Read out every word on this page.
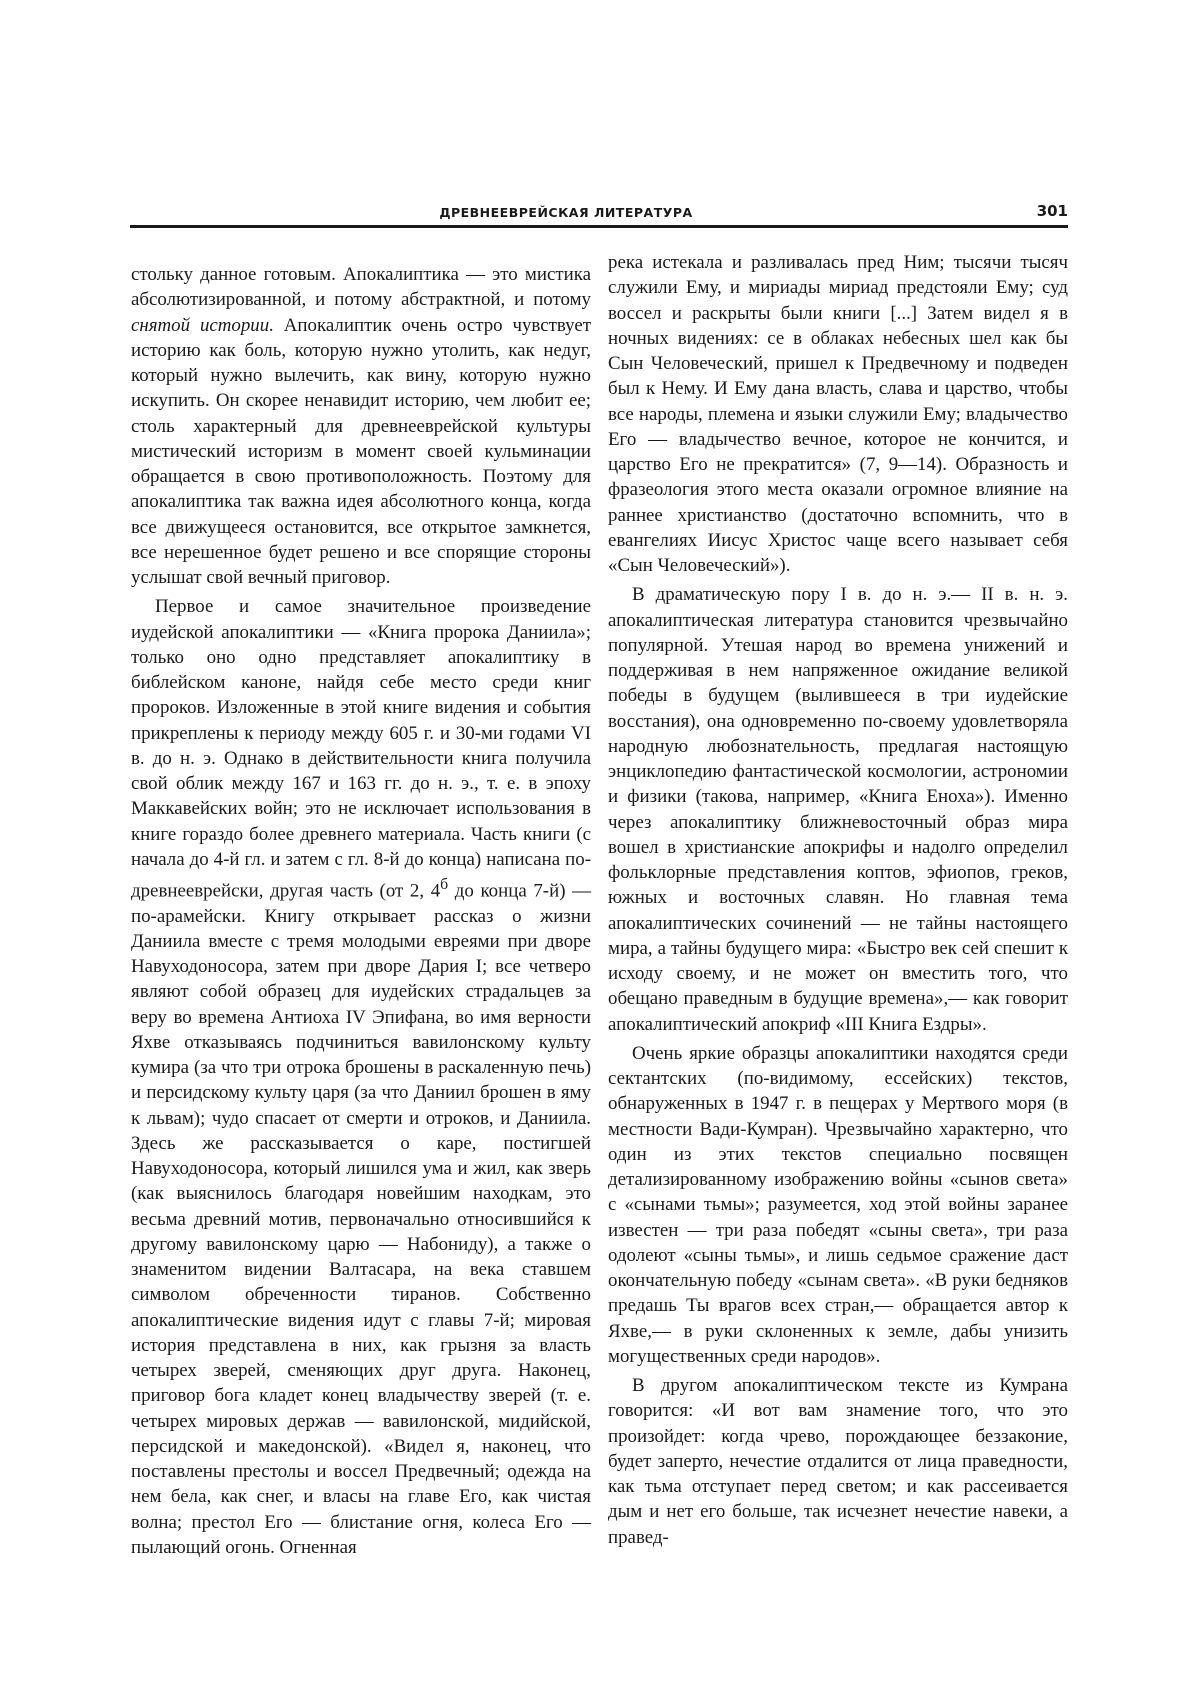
ДРЕВНЕЕВРЕЙСКАЯ ЛИТЕРАТУРА	301

стольку данное готовым. Апокалиптика — это мистика абсолютизированной, и потому абстрактной, и потому снятой истории. Апокалиптик очень остро чувствует историю как боль, которую нужно утолить, как недуг, который нужно вылечить, как вину, которую нужно искупить. Он скорее ненавидит историю, чем любит ее; столь характерный для древнееврейской культуры мистический историзм в момент своей кульминации обращается в свою противоположность. Поэтому для апокалиптика так важна идея абсолютного конца, когда все движущееся остановится, все открытое замкнется, все нерешенное будет решено и все спорящие стороны услышат свой вечный приговор.

Первое и самое значительное произведение иудейской апокалиптики — «Книга пророка Даниила»; только оно одно представляет апокалиптику в библейском каноне, найдя себе место среди книг пророков. Изложенные в этой книге видения и события прикреплены к периоду между 605 г. и 30-ми годами VI в. до н. э. Однако в действительности книга получила свой облик между 167 и 163 гг. до н. э., т. е. в эпоху Маккавейских войн; это не исключает использования в книге гораздо более древнего материала. Часть книги (с начала до 4-й гл. и затем с гл. 8-й до конца) написана по-древнееврейски, другая часть (от 2, $4^б$ до конца 7-й) — по-арамейски. Книгу открывает рассказ о жизни Даниила вместе с тремя молодыми евреями при дворе Навуходоносора, затем при дворе Дария I; все четверо являют собой образец для иудейских страдальцев за веру во времена Антиоха IV Эпифана, во имя верности Яхве отказываясь подчиниться вавилонскому культу кумира (за что три отрока брошены в раскаленную печь) и персидскому культу царя (за что Даниил брошен в яму к львам); чудо спасает от смерти и отроков, и Даниила. Здесь же рассказывается о каре, постигшей Навуходоносора, который лишился ума и жил, как зверь (как выяснилось благодаря новейшим находкам, это весьма древний мотив, первоначально относившийся к другому вавилонскому царю — Набониду), а также о знаменитом видении Валтасара, на века ставшем символом обреченности тиранов. Собственно апокалиптические видения идут с главы 7-й; мировая история представлена в них, как грызня за власть четырех зверей, сменяющих друг друга. Наконец, приговор бога кладет конец владычеству зверей (т. е. четырех мировых держав — вавилонской, мидийской, персидской и македонской). «Видел я, наконец, что поставлены престолы и воссел Предвечный; одежда на нем бела, как снег, и власы на главе Его, как чистая волна; престол Его — блистание огня, колеса Его — пылающий огонь. Огненная

река истекала и разливалась пред Ним; тысячи тысяч служили Ему, и мириады мириад предстояли Ему; суд воссел и раскрыты были книги [...] Затем видел я в ночных видениях: се в облаках небесных шел как бы Сын Человеческий, пришел к Предвечному и подведен был к Нему. И Ему дана власть, слава и царство, чтобы все народы, племена и языки служили Ему; владычество Его — владычество вечное, которое не кончится, и царство Его не прекратится» (7, 9—14). Образность и фразеология этого места оказали огромное влияние на раннее христианство (достаточно вспомнить, что в евангелиях Иисус Христос чаще всего называет себя «Сын Человеческий»).

В драматическую пору I в. до н. э.— II в. н. э. апокалиптическая литература становится чрезвычайно популярной. Утешая народ во времена унижений и поддерживая в нем напряженное ожидание великой победы в будущем (вылившееся в три иудейские восстания), она одновременно по-своему удовлетворяла народную любознательность, предлагая настоящую энциклопедию фантастической космологии, астрономии и физики (такова, например, «Книга Еноха»). Именно через апокалиптику ближневосточный образ мира вошел в христианские апокрифы и надолго определил фольклорные представления коптов, эфиопов, греков, южных и восточных славян. Но главная тема апокалиптических сочинений — не тайны настоящего мира, а тайны будущего мира: «Быстро век сей спешит к исходу своему, и не может он вместить того, что обещано праведным в будущие времена»,— как говорит апокалиптический апокриф «III Книга Ездры».

Очень яркие образцы апокалиптики находятся среди сектантских (по-видимому, ессейских) текстов, обнаруженных в 1947 г. в пещерах у Мертвого моря (в местности Вади-Кумран). Чрезвычайно характерно, что один из этих текстов специально посвящен детализированному изображению войны «сынов света» с «сынами тьмы»; разумеется, ход этой войны заранее известен — три раза победят «сыны света», три раза одолеют «сыны тьмы», и лишь седьмое сражение даст окончательную победу «сынам света». «В руки бедняков предашь Ты врагов всех стран,— обращается автор к Яхве,— в руки склоненных к земле, дабы унизить могущественных среди народов».

В другом апокалиптическом тексте из Кумрана говорится: «И вот вам знамение того, что это произойдет: когда чрево, порождающее беззаконие, будет заперто, нечестие отдалится от лица праведности, как тьма отступает перед светом; и как рассеивается дым и нет его больше, так исчезнет нечестие навеки, а правед-
